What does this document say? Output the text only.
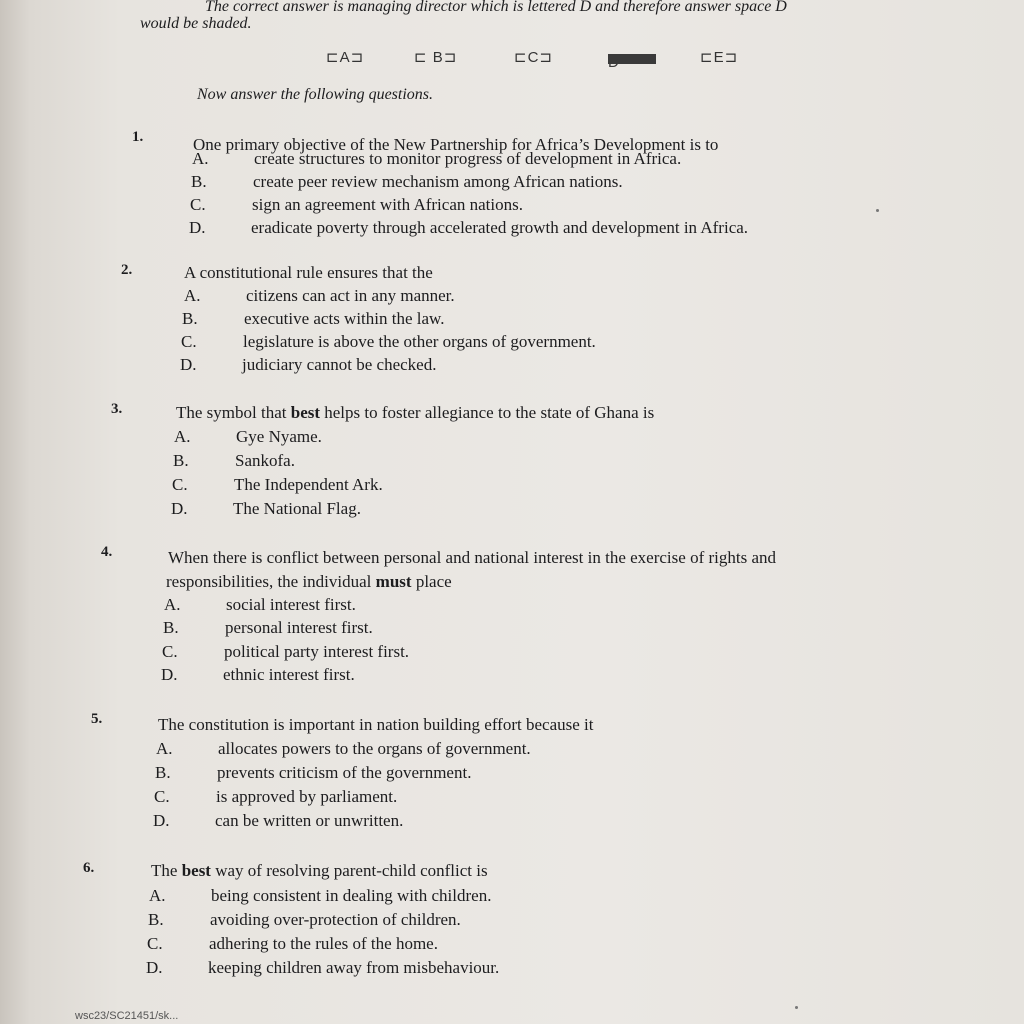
The correct answer is managing director which is lettered D and therefore answer space D
would be shaded.
⊏A⊐	⊏ B⊐	⊏C⊐	D	⊏E⊐
Now answer the following questions.
1.	One primary objective of the New Partnership for Africa’s Development is to
A.	create structures to monitor progress of development in Africa.
B.	create peer review mechanism among African nations.
C.	sign an agreement with African nations.
D.	eradicate poverty through accelerated growth and development in Africa.
2.	A constitutional rule ensures that the
A.	citizens can act in any manner.
B.	executive acts within the law.
C.	legislature is above the other organs of government.
D.	judiciary cannot be checked.
3.	The symbol that best helps to foster allegiance to the state of Ghana is
A.	Gye Nyame.
B.	Sankofa.
C.	The Independent Ark.
D.	The National Flag.
4.	When there is conflict between personal and national interest in the exercise of rights and
responsibilities, the individual must place
A.	social interest first.
B.	personal interest first.
C.	political party interest first.
D.	ethnic interest first.
5.	The constitution is important in nation building effort because it
A.	allocates powers to the organs of government.
B.	prevents criticism of the government.
C.	is approved by parliament.
D.	can be written or unwritten.
6.	The best way of resolving parent-child conflict is
A.	being consistent in dealing with children.
B.	avoiding over-protection of children.
C.	adhering to the rules of the home.
D.	keeping children away from misbehaviour.
wsc23/SC21451/sk...
